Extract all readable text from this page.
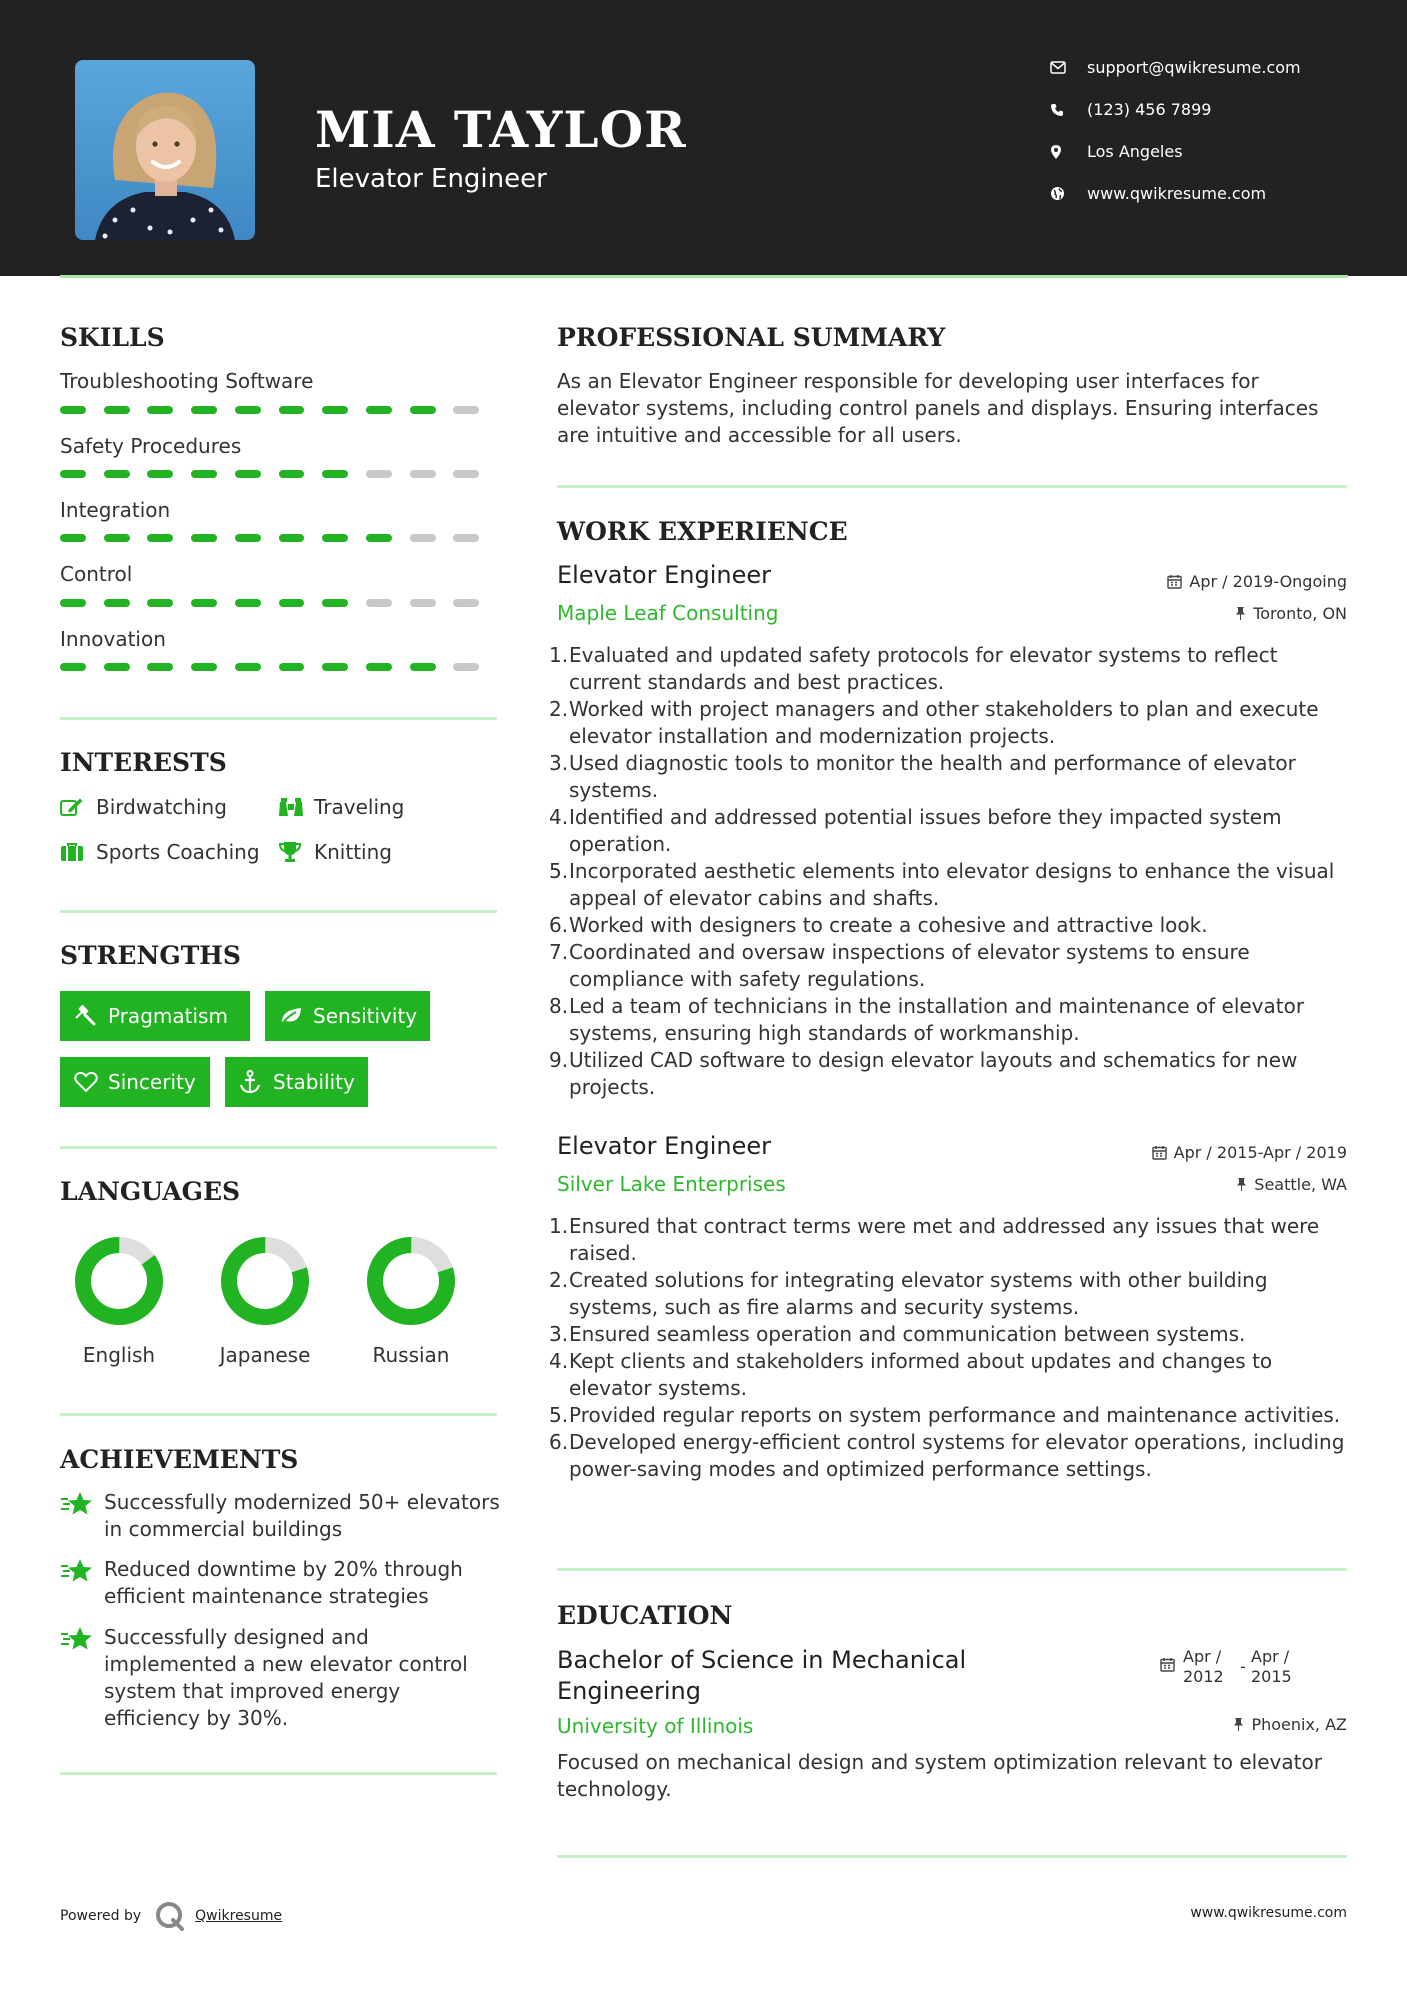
MIA TAYLOR
Elevator Engineer
support@qwikresume.com
(123) 456 7899
Los Angeles
www.qwikresume.com
SKILLS
Troubleshooting Software
Safety Procedures
Integration
Control
Innovation
INTERESTS
Birdwatching	Traveling
Sports Coaching	Knitting
STRENGTHS
Pragmatism	Sensitivity
Sincerity	Stability
LANGUAGES
English	Japanese	Russian
ACHIEVEMENTS
Successfully modernized 50+ elevators in commercial buildings
Reduced downtime by 20% through efficient maintenance strategies
Successfully designed and implemented a new elevator control system that improved energy efficiency by 30%.
PROFESSIONAL SUMMARY
As an Elevator Engineer responsible for developing user interfaces for elevator systems, including control panels and displays. Ensuring interfaces are intuitive and accessible for all users.
WORK EXPERIENCE
Elevator Engineer	Apr / 2019-Ongoing
Maple Leaf Consulting	Toronto, ON
1. Evaluated and updated safety protocols for elevator systems to reflect current standards and best practices.
2. Worked with project managers and other stakeholders to plan and execute elevator installation and modernization projects.
3. Used diagnostic tools to monitor the health and performance of elevator systems.
4. Identified and addressed potential issues before they impacted system operation.
5. Incorporated aesthetic elements into elevator designs to enhance the visual appeal of elevator cabins and shafts.
6. Worked with designers to create a cohesive and attractive look.
7. Coordinated and oversaw inspections of elevator systems to ensure compliance with safety regulations.
8. Led a team of technicians in the installation and maintenance of elevator systems, ensuring high standards of workmanship.
9. Utilized CAD software to design elevator layouts and schematics for new projects.
Elevator Engineer	Apr / 2015-Apr / 2019
Silver Lake Enterprises	Seattle, WA
1. Ensured that contract terms were met and addressed any issues that were raised.
2. Created solutions for integrating elevator systems with other building systems, such as fire alarms and security systems.
3. Ensured seamless operation and communication between systems.
4. Kept clients and stakeholders informed about updates and changes to elevator systems.
5. Provided regular reports on system performance and maintenance activities.
6. Developed energy-efficient control systems for elevator operations, including power-saving modes and optimized performance settings.
EDUCATION
Bachelor of Science in Mechanical Engineering
Apr / 2012
-
Apr / 2015
University of Illinois	Phoenix, AZ
Focused on mechanical design and system optimization relevant to elevator technology.
Powered by	Qwikresume	www.qwikresume.com
